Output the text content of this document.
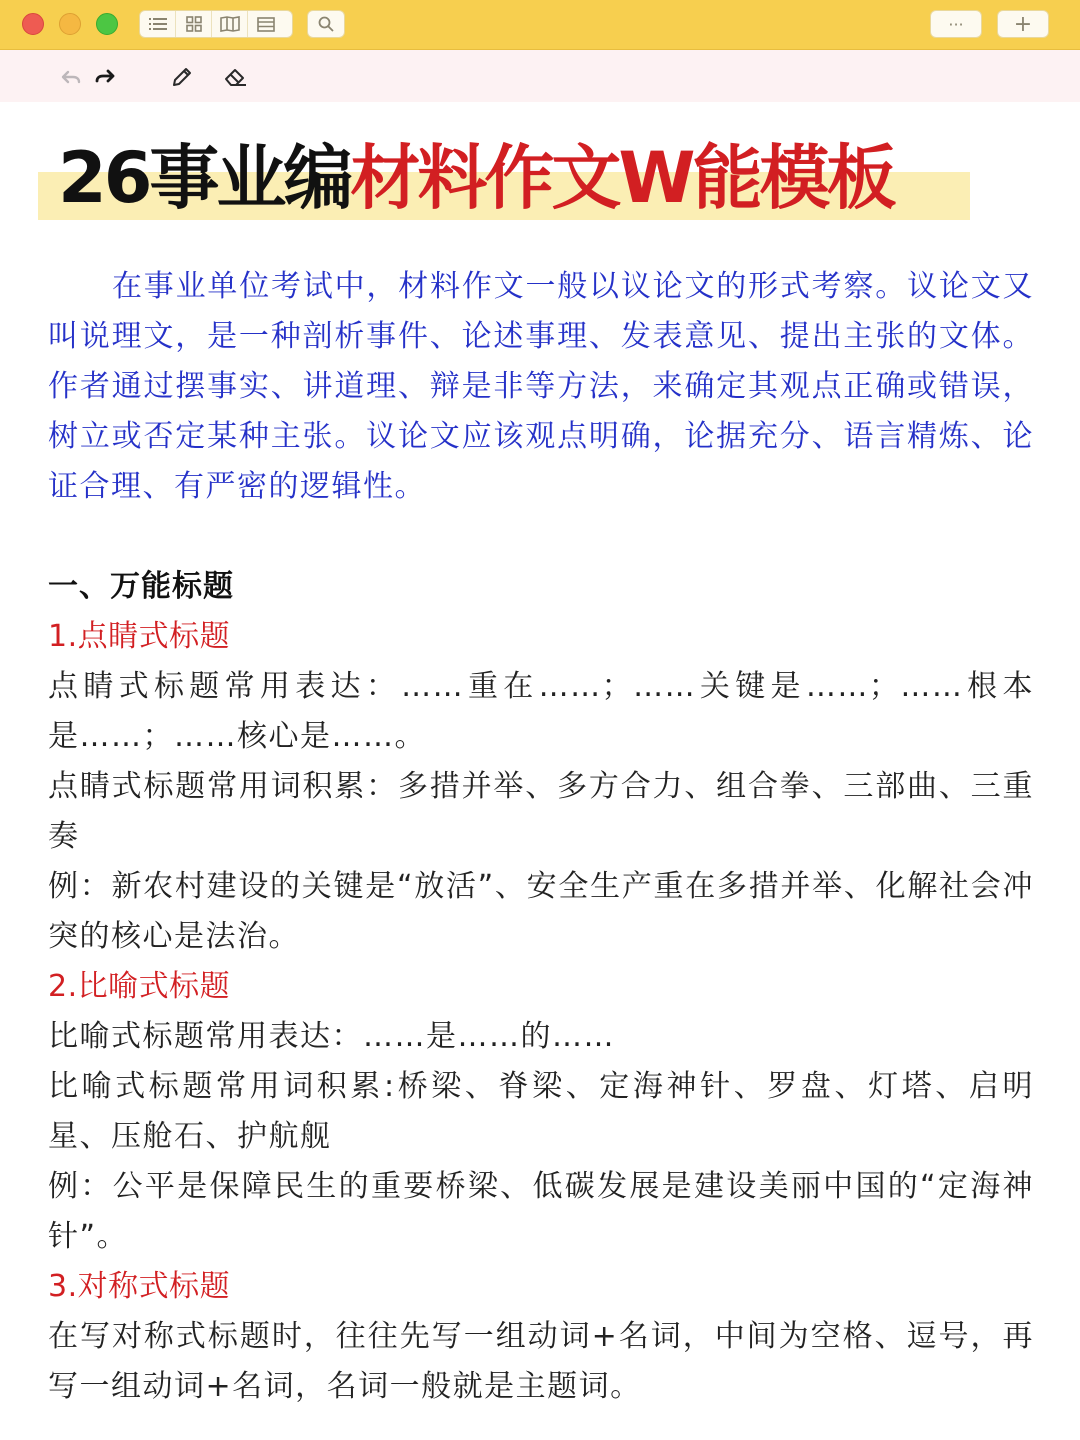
··· +
26事业编材料作文W能模板

在事业单位考试中，材料作文一般以议论文的形式考察。议论文又叫说理文，是一种剖析事件、论述事理、发表意见、提出主张的文体。作者通过摆事实、讲道理、辩是非等方法，来确定其观点正确或错误，树立或否定某种主张。议论文应该观点明确，论据充分、语言精炼、论证合理、有严密的逻辑性。

一、万能标题

1.点睛式标题

点睛式标题常用表达：……重在……；……关键是……；……根本是……；……核心是……。

点睛式标题常用词积累：多措并举、多方合力、组合拳、三部曲、三重奏

例：新农村建设的关键是“放活”、安全生产重在多措并举、化解社会冲突的核心是法治。

2.比喻式标题

比喻式标题常用表达：……是……的……

比喻式标题常用词积累:桥梁、脊梁、定海神针、罗盘、灯塔、启明星、压舱石、护航舰

例：公平是保障民生的重要桥梁、低碳发展是建设美丽中国的“定海神针”。

3.对称式标题

在写对称式标题时，往往先写一组动词+名词，中间为空格、逗号，再写一组动词+名词，名词一般就是主题词。
